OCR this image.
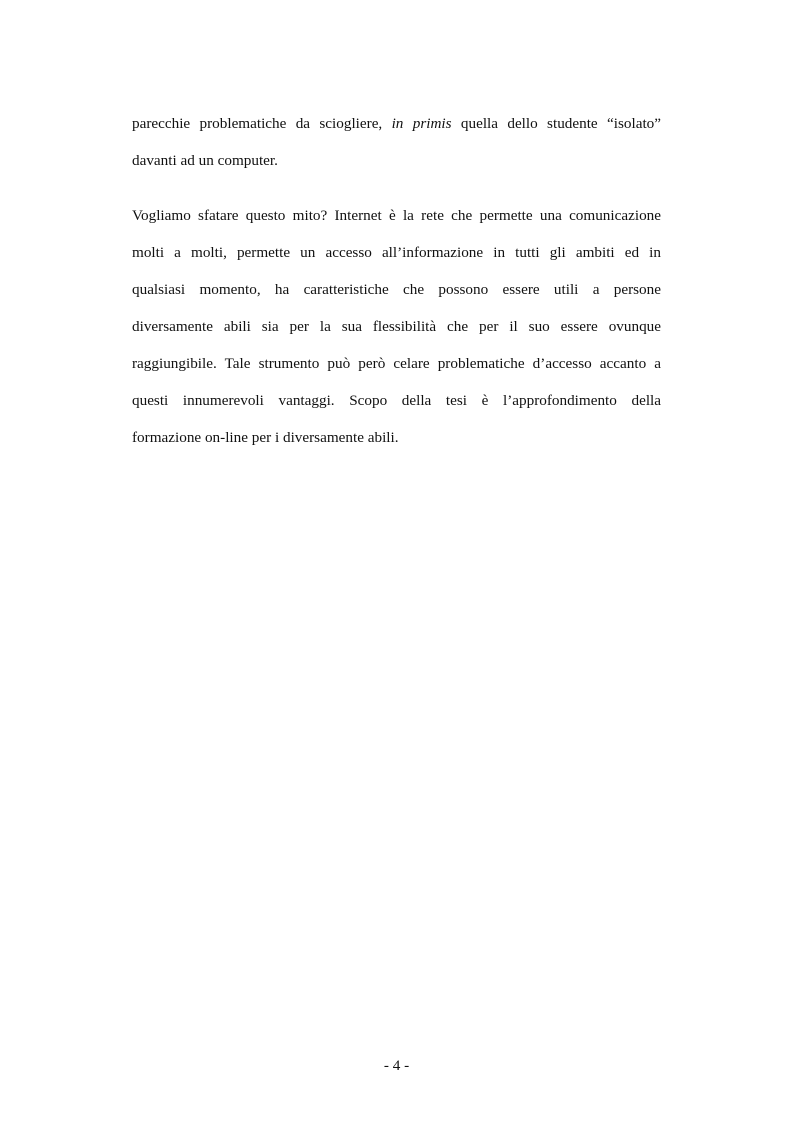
parecchie problematiche da sciogliere, in primis quella dello studente “isolato”
davanti ad un computer.
Vogliamo sfatare questo mito? Internet è la rete che permette una comunicazione
molti a molti, permette un accesso all’informazione in tutti gli ambiti ed in
qualsiasi momento, ha caratteristiche che possono essere utili a persone
diversamente abili sia per la sua flessibilità che per il suo essere ovunque
raggiungibile. Tale strumento può però celare problematiche d’accesso accanto a
questi innumerevoli vantaggi. Scopo della tesi è l’approfondimento della
formazione on-line per i diversamente abili.
- 4 -
